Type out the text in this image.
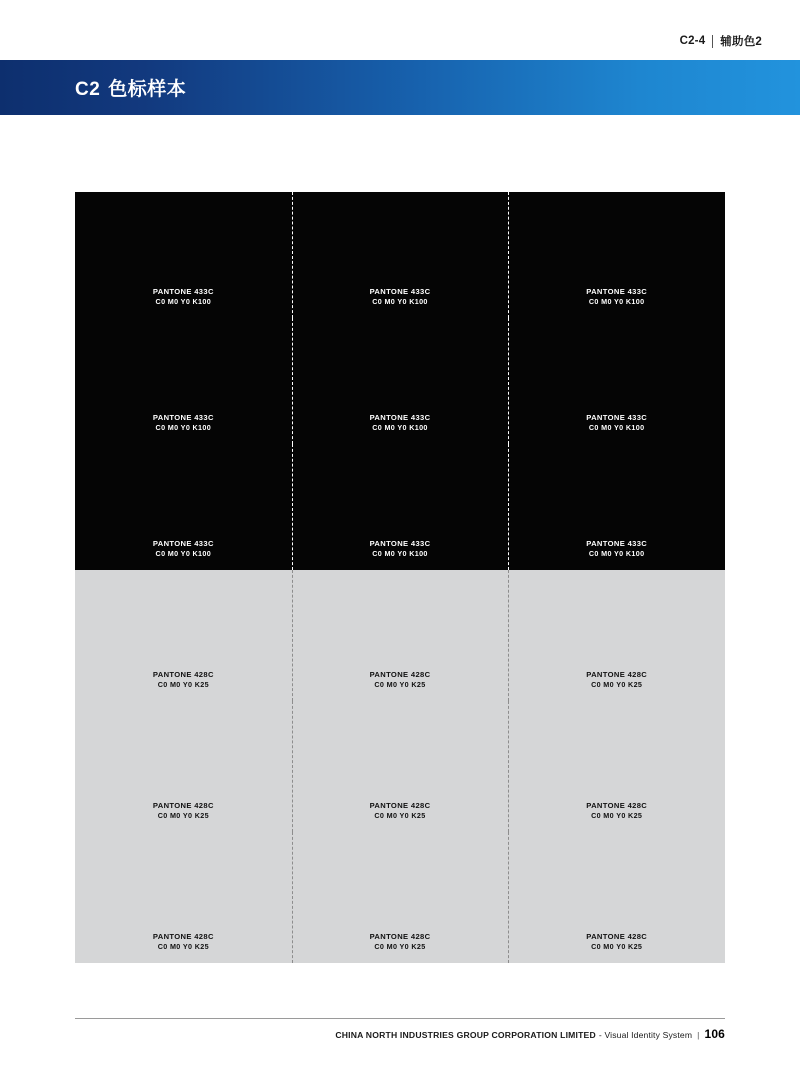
C2-4 辅助色2
C2 色标样本
PANTONE 433C
C0 M0 Y0 K100
PANTONE 433C
C0 M0 Y0 K100
PANTONE 433C
C0 M0 Y0 K100
PANTONE 433C
C0 M0 Y0 K100
PANTONE 433C
C0 M0 Y0 K100
PANTONE 433C
C0 M0 Y0 K100
PANTONE 433C
C0 M0 Y0 K100
PANTONE 433C
C0 M0 Y0 K100
PANTONE 433C
C0 M0 Y0 K100
PANTONE 428C
C0 M0 Y0 K25
PANTONE 428C
C0 M0 Y0 K25
PANTONE 428C
C0 M0 Y0 K25
PANTONE 428C
C0 M0 Y0 K25
PANTONE 428C
C0 M0 Y0 K25
PANTONE 428C
C0 M0 Y0 K25
PANTONE 428C
C0 M0 Y0 K25
PANTONE 428C
C0 M0 Y0 K25
PANTONE 428C
C0 M0 Y0 K25
CHINA NORTH INDUSTRIES GROUP CORPORATION LIMITED - Visual Identity System | 106
